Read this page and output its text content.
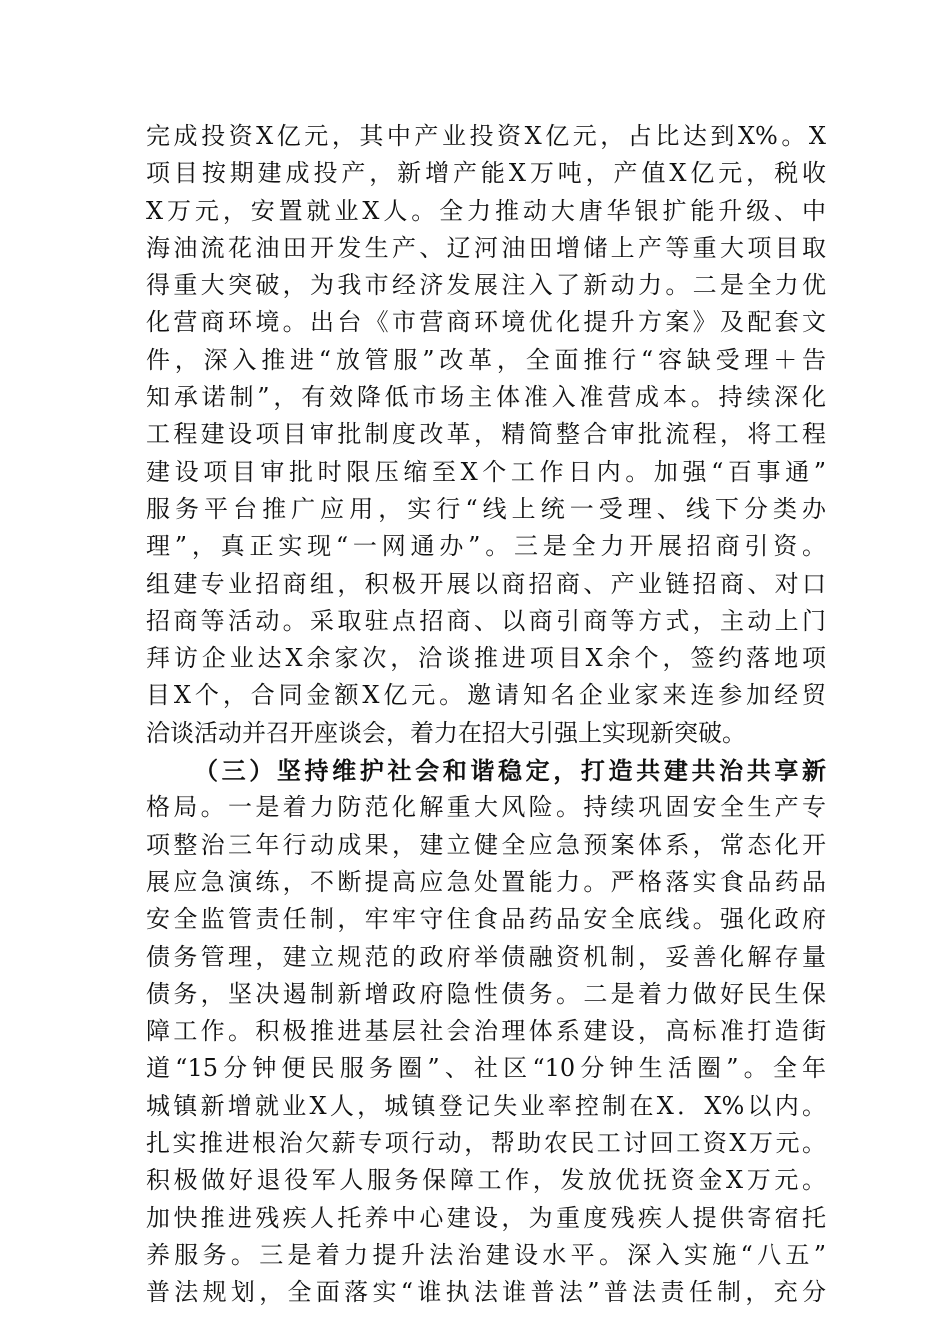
完成投资X亿元，其中产业投资X亿元，占比达到X%。X
项目按期建成投产，新增产能X万吨，产值X亿元，税收
X万元，安置就业X人。全力推动大唐华银扩能升级、中
海油流花油田开发生产、辽河油田增储上产等重大项目取
得重大突破，为我市经济发展注入了新动力。二是全力优
化营商环境。出台《市营商环境优化提升方案》及配套文
件，深入推进“放管服”改革，全面推行“容缺受理＋告
知承诺制”，有效降低市场主体准入准营成本。持续深化
工程建设项目审批制度改革，精简整合审批流程，将工程
建设项目审批时限压缩至X个工作日内。加强“百事通”
服务平台推广应用，实行“线上统一受理、线下分类办
理”，真正实现“一网通办”。三是全力开展招商引资。
组建专业招商组，积极开展以商招商、产业链招商、对口
招商等活动。采取驻点招商、以商引商等方式，主动上门
拜访企业达X余家次，洽谈推进项目X余个，签约落地项
目X个，合同金额X亿元。邀请知名企业家来连参加经贸
洽谈活动并召开座谈会，着力在招大引强上实现新突破。
（三）坚持维护社会和谐稳定，打造共建共治共享新
格局。一是着力防范化解重大风险。持续巩固安全生产专
项整治三年行动成果，建立健全应急预案体系，常态化开
展应急演练，不断提高应急处置能力。严格落实食品药品
安全监管责任制，牢牢守住食品药品安全底线。强化政府
债务管理，建立规范的政府举债融资机制，妥善化解存量
债务，坚决遏制新增政府隐性债务。二是着力做好民生保
障工作。积极推进基层社会治理体系建设，高标准打造街
道“15分钟便民服务圈”、社区“10分钟生活圈”。全年
城镇新增就业X人，城镇登记失业率控制在X．X%以内。
扎实推进根治欠薪专项行动，帮助农民工讨回工资X万元。
积极做好退役军人服务保障工作，发放优抚资金X万元。
加快推进残疾人托养中心建设，为重度残疾人提供寄宿托
养服务。三是着力提升法治建设水平。深入实施“八五”
普法规划，全面落实“谁执法谁普法”普法责任制，充分
